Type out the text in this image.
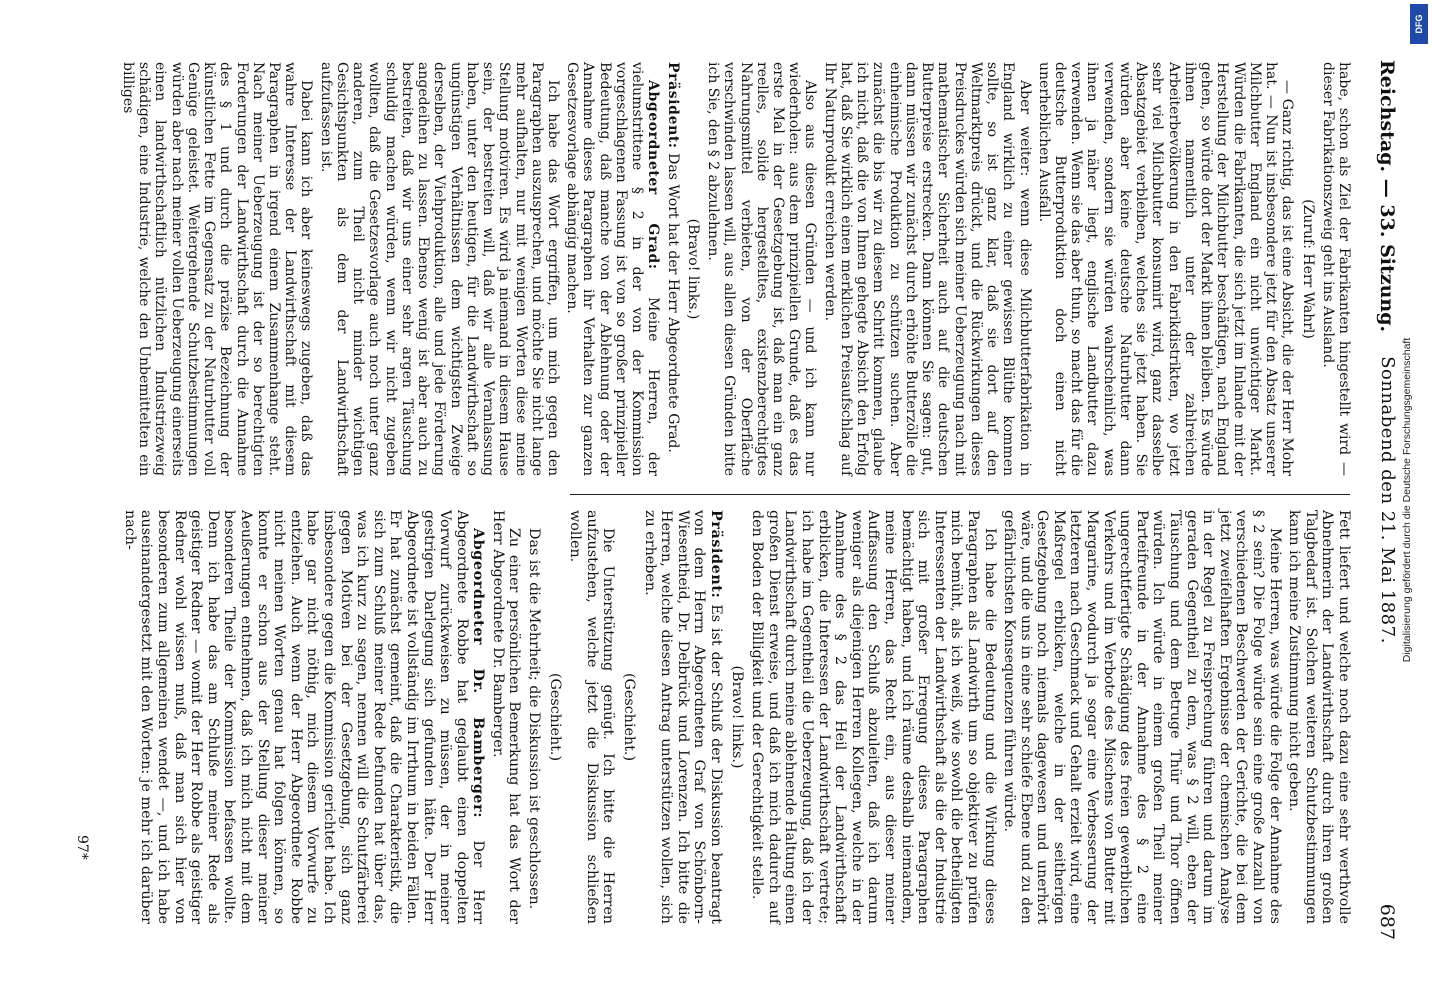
Reichstag. — 33. Sitzung.
Sonnabend den 21. Mai 1887.
687

habe, schon als Ziel der Fabrikanten hingestellt wird — dieser Fabrikationszweig geht ins Ausland.

(Zuruf: Herr Wahrl)

— Ganz richtig, das ist eine Absicht, die der Herr Mohr hat. — Nun ist insbesondere jetzt für den Absatz unserer Milchbutter England ein nicht unwichtiger Markt. Würden die Fabrikanten, die sich jetzt im Inlande mit der Herstellung der Milchbutter beschäftigen, nach England gehen, so würde dort der Markt ihnen bleiben. Es würde ihnen namentlich unter der zahlreichen Arbeiterbevölkerung in den Fabrikdistrikten, wo jetzt sehr viel Milchbutter konsumirt wird, ganz dasselbe Absatzgebiet verbleiben, welches sie jetzt haben. Sie würden aber keine deutsche Naturbutter dann verwenden, sondern sie würden wahrscheinlich, was ihnen ja näher liegt, englische Landbutter dazu verwenden. Wenn sie das aber thun, so macht das für die deutsche Butterproduktion doch einen nicht unerheblichen Ausfall.

Aber weiter: wenn diese Milchbutterfabrikation in England wirklich zu einer gewissen Blüthe kommen sollte, so ist ganz klar, daß sie dort auf den Weltmarktpreis drückt, und die Rückwirkungen dieses Preisdruckes würden sich meiner Ueberzeugung nach mit mathematischer Sicherheit auch auf die deutschen Butterpreise erstrecken. Dann können Sie sagen: gut, dann müssen wir zunächst durch erhöhte Butterzölle die einheimische Produktion zu schützen suchen. Aber zunächst die bis wir zu diesem Schritt kommen, glaube ich nicht, daß die von Ihnen gehegte Absicht den Erfolg hat, daß Sie wirklich einen merklichen Preisaufschlag auf Ihr Naturprodukt erreichen werden.

Also aus diesen Gründen — und ich kann nur wiederholen: aus dem prinzipiellen Grunde, daß es das erste Mal in der Gesetzgebung ist, daß man ein ganz reelles, solide hergestelltes, existenzberechtigtes Nahrungsmittel verbieten, von der Oberfläche verschwinden lassen will, aus allen diesen Gründen bitte ich Sie, den § 2 abzulehnen.

(Bravo! links.)

Präsident: Das Wort hat der Herr Abgeordnete Grad.

Abgeordneter Grad: Meine Herren, der vielumstrittene § 2 in der von der Kommission vorgeschlagenen Fassung ist von so großer prinzipieller Bedeutung, daß manche von der Ablehnung oder der Annahme dieses Paragraphen ihr Verhalten zur ganzen Gesetzesvorlage abhängig machen.

Ich habe das Wort ergriffen, um mich gegen den Paragraphen auszusprechen, und möchte Sie nicht lange mehr aufhalten, nur mit wenigen Worten diese meine Stellung motiviren. Es wird ja niemand in diesem Hause sein, der bestreiten will, daß wir alle Veranlassung haben, unter den heutigen, für die Landwirthschaft so ungünstigen Verhältnissen dem wichtigsten Zweige derselben, der Viehproduktion, alle und jede Förderung angedeihen zu lassen. Ebenso wenig ist aber auch zu bestreiten, daß wir uns einer sehr argen Täuschung schuldig machen würden, wenn wir nicht zugeben wollten, daß die Gesetzesvorlage auch noch unter ganz anderen, zum Theil nicht minder wichtigen Gesichtspunkten als dem der Landwirthschaft aufzufassen ist.

Dabei kann ich aber keineswegs zugeben, daß das wahre Interesse der Landwirthschaft mit diesem Paragraphen in irgend einem Zusammenhange steht. Nach meiner Ueberzeugung ist der so berechtigten Forderungen der Landwirthschaft durch die Annahme des § 1 und durch die präzise Bezeichnung der künstlichen Fette im Gegensatz zu der Naturbutter voll Genüge geleistet. Weitergehende Schutzbestimmungen würden aber nach meiner vollen Ueberzeugung einerseits einen landwirthschaftlich nützlichen Industriezweig schädigen, eine Industrie, welche den Unbemittelten ein billiges

Fett liefert und welche noch dazu eine sehr werthvolle Abnehmerin der Landwirthschaft durch ihren großen Talgbedarf ist. Solchen weiteren Schutzbestimmungen kann ich meine Zustimmung nicht geben.

Meine Herren, was würde die Folge der Annahme des § 2 sein? Die Folge würde sein eine große Anzahl von verschiedenen Beschwerden der Gerichte, die bei dem jetzt zweifelhaften Ergebnisse der chemischen Analyse in der Regel zu Freisprechung führen und darum im geraden Gegentheil zu dem, was § 2 will, eben der Täuschung und dem Betruge Thür und Thor öffnen würden. Ich würde in einem großen Theil meiner Parteifreunde in der Annahme des § 2 eine ungerechtfertigte Schädigung des freien gewerblichen Verkehrs und im Verbote des Mischens von Butter mit Margarine, wodurch ja sogar eine Verbesserung der letzteren nach Geschmack und Gehalt erzielt wird, eine Maßregel erblicken, welche in der seitherigen Gesetzgebung noch niemals dagewesen und unerhört wäre, und die uns in eine sehr schiefe Ebene und zu den gefährlichsten Konsequenzen führen würde.

Ich habe die Bedeutung und die Wirkung dieses Paragraphen als Landwirth um so objektiver zu prüfen mich bemüht, als ich weiß, wie sowohl die betheiligten Interessenten der Landwirthschaft als die der Industrie sich mit großer Erregung dieses Paragraphen bemächtigt haben, und ich räume deshalb niemandem, meine Herren, das Recht ein, aus dieser meiner Auffassung den Schluß abzuleiten, daß ich darum weniger als diejenigen Herren Kollegen, welche in der Annahme des § 2 das Heil der Landwirthschaft erblicken, die Interessen der Landwirthschaft vertrete; ich habe im Gegentheil die Ueberzeugung, daß ich der Landwirthschaft durch meine ablehnende Haltung einen großen Dienst erweise, und daß ich mich dadurch auf den Boden der Billigkeit und der Gerechtigkeit stelle.

(Bravo! links.)

Präsident: Es ist der Schluß der Diskussion beantragt von dem Herrn Abgeordneten Graf von Schönborn-Wiesentheid, Dr. Delbrück und Lorenzen. Ich bitte die Herren, welche diesen Antrag unterstützen wollen, sich zu erheben.

(Geschieht.)

Die Unterstützung genügt. Ich bitte die Herren aufzustehen, welche jetzt die Diskussion schließen wollen.

(Geschieht.)

Das ist die Mehrheit; die Diskussion ist geschlossen.

Zu einer persönlichen Bemerkung hat das Wort der Herr Abgeordnete Dr. Bamberger.

Abgeordneter Dr. Bamberger: Der Herr Abgeordnete Robbe hat geglaubt einen doppelten Vorwurf zurückweisen zu müssen, der in meiner gestrigen Darlegung sich gefunden hätte. Der Herr Abgeordnete ist vollständig im Irrthum in beiden Fällen. Er hat zunächst gemeint, daß die Charakteristik, die sich zum Schluß meiner Rede befunden hat über das, was ich kurz zu sagen, nennen will die Schutzfärberei gegen Motiven bei der Gesetzgebung, sich ganz insbesondere gegen die Kommission gerichtet habe. Ich habe gar nicht nöthig, mich diesem Vorwurfe zu entziehen. Auch wenn der Herr Abgeordnete Robbe nicht meinen Worten genau hat folgen können, so konnte er schon aus der Stellung dieser meiner Aeußerungen entnehmen, daß ich mich nicht mit dem besonderen Theile der Kommission befassen wollte. Denn ich habe das am Schluße meiner Rede als geistiger Redner — womit der Herr Robbe als geistiger Redner wohl wissen muß, daß man sich hier von besonderen zum allgemeinen wendet —, und ich habe auseinandergesetzt mit den Worten: je mehr ich darüber nach-

97*
Digitalisierung gefördert durch die Deutsche Forschungsgemeinschaft
DFG
